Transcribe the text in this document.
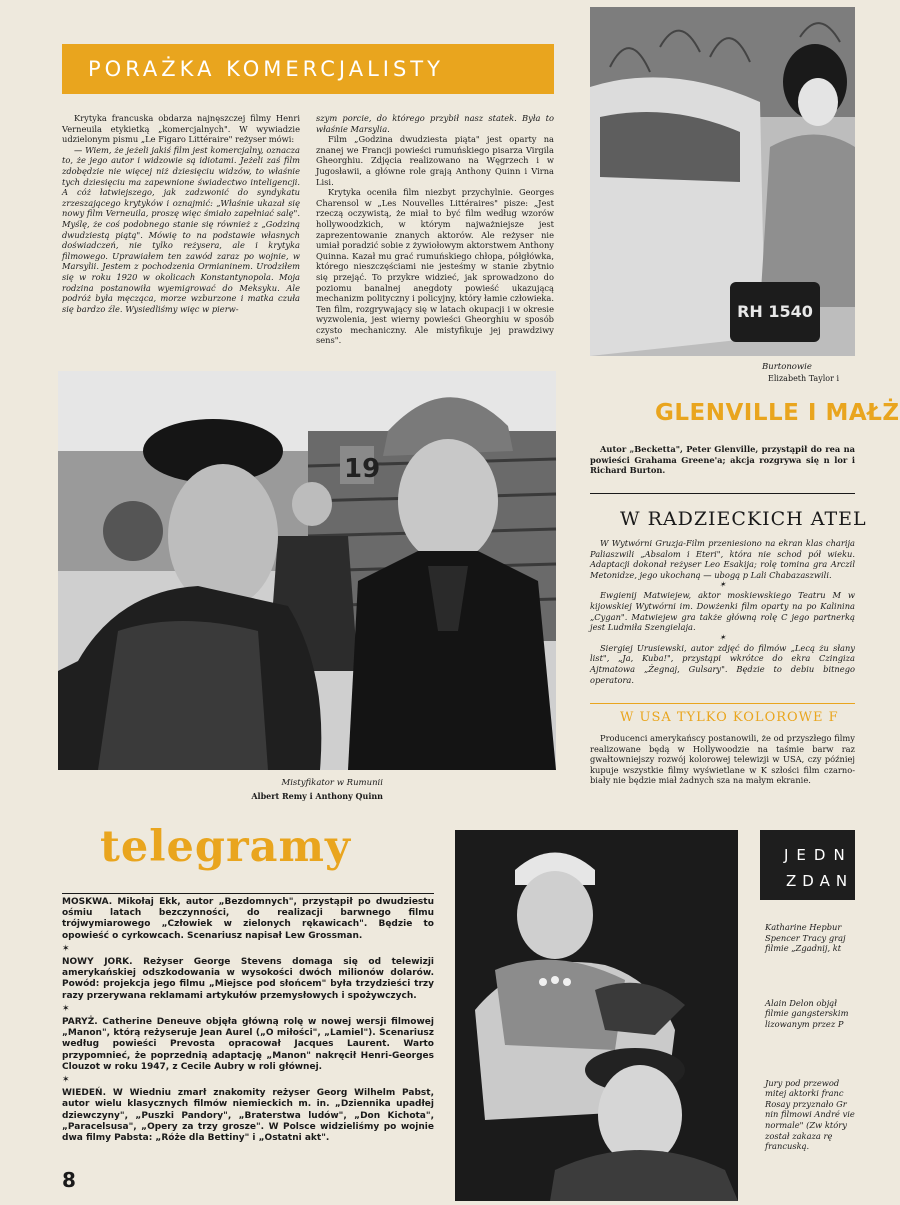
PORAŻKA KOMERCJALISTY

Krytyka francuska obdarza najnęszczej filmy Henri Verneuila etykietką „komercjalnych". W wywiadzie udzielonym pismu „Le Figaro Littéraire" reżyser mówi:

— Wiem, że jeżeli jakiś film jest komercjalny, oznacza to, że jego autor i widzowie są idiotami. Jeżeli zaś film zdobędzie nie więcej niż dziesięciu widzów, to właśnie tych dziesięciu ma zapewnione świadectwo inteligencji. A cóż łatwiejszego, jak zadzwonić do syndykatu zrzeszającego krytyków i oznajmić: „Właśnie ukazał się nowy film Verneuila, proszę więc śmiało zapełniać salę". Myślę, że coś podobnego stanie się również z „Godziną dwudziestą piątą". Mówię to na podstawie własnych doświadczeń, nie tylko reżysera, ale i krytyka filmowego. Uprawiałem ten zawód zaraz po wojnie, w Marsylii. Jestem z pochodzenia Ormianinem. Urodziłem się w roku 1920 w okolicach Konstantynopola. Moja rodzina postanowiła wyemigrować do Meksyku. Ale podróż była męcząca, morze wzburzone i matka czuła się bardzo źle. Wysiedliśmy więc w pierw-

szym porcie, do którego przybił nasz statek. Była to właśnie Marsylia.

Film „Godzina dwudziesta piąta" jest oparty na znanej we Francji powieści rumuńskiego pisarza Virgila Gheorghiu. Zdjęcia realizowano na Węgrzech i w Jugosławii, a główne role grają Anthony Quinn i Virna Lisi.

Krytyka oceniła film niezbyt przychylnie. Georges Charensol w „Les Nouvelles Littéraires" pisze: „Jest rzeczą oczywistą, że miał to być film według wzorów hollywoodzkich, w którym najważniejsze jest zaprezentowanie znanych aktorów. Ale reżyser nie umiał poradzić sobie z żywiołowym aktorstwem Anthony Quinna. Kazał mu grać rumuńskiego chłopa, półgłówka, którego nieszczęściami nie jesteśmy w stanie zbytnio się przejąć. To przykre widzieć, jak sprowadzono do poziomu banalnej anegdoty powieść ukazującą mechanizm polityczny i policyjny, który łamie człowieka. Ten film, rozgrywający się w latach okupacji i w okresie wyzwolenia, jest wierny powieści Gheorghiu w sposób czysto mechaniczny. Ale mistyfikuje jej prawdziwy sens".

19

Mistyfikator w Rumunii

Albert Remy i Anthony Quinn

RH 1540

Burtonowie

Elizabeth Taylor i

GLENVILLE I MAŁŻ

Autor „Becketta", Peter Glenville, przystąpił do rea na powieści Grahama Greene'a; akcja rozgrywa się n lor i Richard Burton.

W RADZIECKICH ATEL

W Wytwórni Gruzja-Film przeniesiono na ekran klas charija Paliaszwili „Absalom i Eteri", która nie schod pół wieku. Adaptacji dokonał reżyser Leo Esakija; rolę tomina gra Arczil Metonidze, jego ukochaną — ubogą p Lali Chabazaszwili.

✶

Ewgienij Matwiejew, aktor moskiewskiego Teatru M w kijowskiej Wytwórni im. Dowżenki film oparty na po Kalinina „Cygan". Matwiejew gra także główną rolę C jego partnerką jest Ludmiła Szengielaja.

✶

Siergiej Urusiewski, autor zdjęć do filmów „Lecą żu słany list", „Ja, Kuba!", przystąpi wkrótce do ekra Czingiza Ajtmatowa „Żegnaj, Gulsary". Będzie to debiu bitnego operatora.

W USA TYLKO KOLOROWE F

Producenci amerykańscy postanowili, że od przyszłego filmy realizowane będą w Hollywoodzie na taśmie barw raz gwałtowniejszy rozwój kolorowej telewizji w USA, czy później kupuje wszystkie filmy wyświetlane w K szłości film czarno-biały nie będzie miał żadnych sza na małym ekranie.

telegramy

MOSKWA. Mikołaj Ekk, autor „Bezdomnych", przystąpił po dwudziestu ośmiu latach bezczynności, do realizacji barwnego filmu trójwymiarowego „Człowiek w zielonych rękawicach". Będzie to opowieść o cyrkowcach. Scenariusz napisał Lew Grossman.

✶

NOWY JORK. Reżyser George Stevens domaga się od telewizji amerykańskiej odszkodowania w wysokości dwóch milionów dolarów. Powód: projekcja jego filmu „Miejsce pod słońcem" była trzydzieści trzy razy przerywana reklamami artykułów przemysłowych i spożywczych.

✶

PARYŻ. Catherine Deneuve objęła główną rolę w nowej wersji filmowej „Manon", którą reżyseruje Jean Aurel („O miłości", „Lamiel"). Scenariusz według powieści Prevosta opracował Jacques Laurent. Warto przypomnieć, że poprzednią adaptację „Manon" nakręcił Henri-Georges Clouzot w roku 1947, z Cecile Aubry w roli głównej.

✶

WIEDEŃ. W Wiedniu zmarł znakomity reżyser Georg Wilhelm Pabst, autor wielu klasycznych filmów niemieckich m. in. „Dziennika upadłej dziewczyny", „Puszki Pandory", „Braterstwa ludów", „Don Kichota", „Paracelsusa", „Opery za trzy grosze". W Polsce widzieliśmy po wojnie dwa filmy Pabsta: „Róże dla Bettiny" i „Ostatni akt".

8
JEDN
ZDAN

Katharine Hepbur Spencer Tracy graj filmie „Zgadnij, kt

Alain Delon objął filmie gangsterskim lizowanym przez P

Jury pod przewod mitej aktorki franc Rosay przyznało Gr nin filmowi André vie normale" (Zw który został zakaza rę francuską.
